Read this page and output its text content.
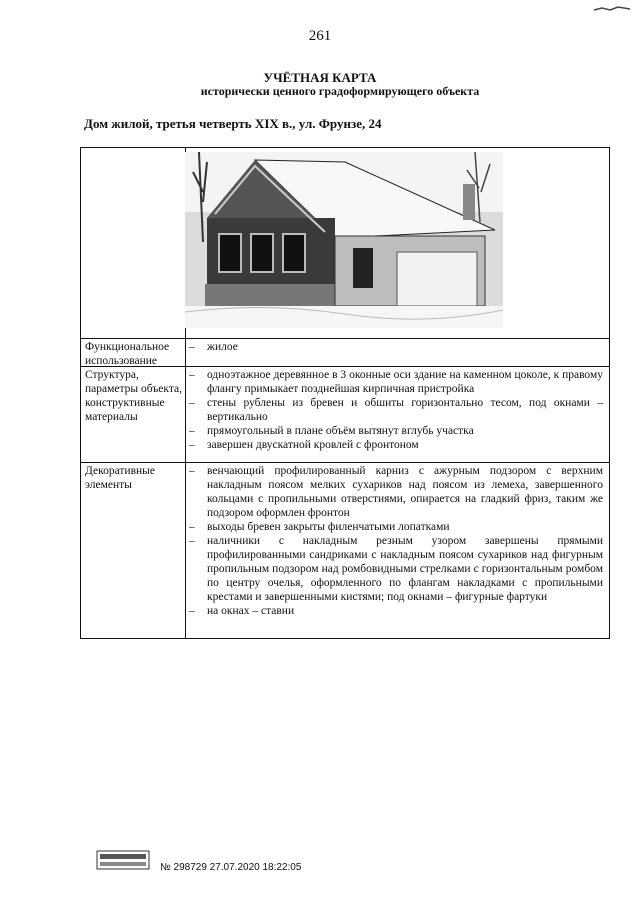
261
УЧЁТНАЯ КАРТА
исторически ценного градоформирующего объекта
Дом жилой, третья четверть XIX в., ул. Фрунзе, 24
Функциональное использование

– жилое

Структура, параметры объекта, конструктивные материалы

– одноэтажное деревянное в 3 оконные оси здание на каменном цоколе, к правому флангу примыкает позднейшая кирпичная пристройка

– стены рублены из бревен и обшиты горизонтально тесом, под окнами – вертикально

– прямоугольный в плане объём вытянут вглубь участка

– завершен двускатной кровлей с фронтоном

Декоративные элементы

– венчающий профилированный карниз с ажурным подзором с верхним накладным поясом мелких сухариков над поясом из лемеха, завершенного кольцами с пропильными отверстиями, опирается на гладкий фриз, таким же подзором оформлен фронтон

– выходы бревен закрыты филенчатыми лопатками

– наличники с накладным резным узором завершены прямыми профилированными сандриками с накладным поясом сухариков над фигурным пропильным подзором над ромбовидными стрелками с горизонтальным ромбом по центру очелья, оформленного по флангам накладками с пропильными крестами и завершенными кистями; под окнами – фигурные фартуки

– на окнах – ставни

№ 298729 27.07.2020 18:22:05
